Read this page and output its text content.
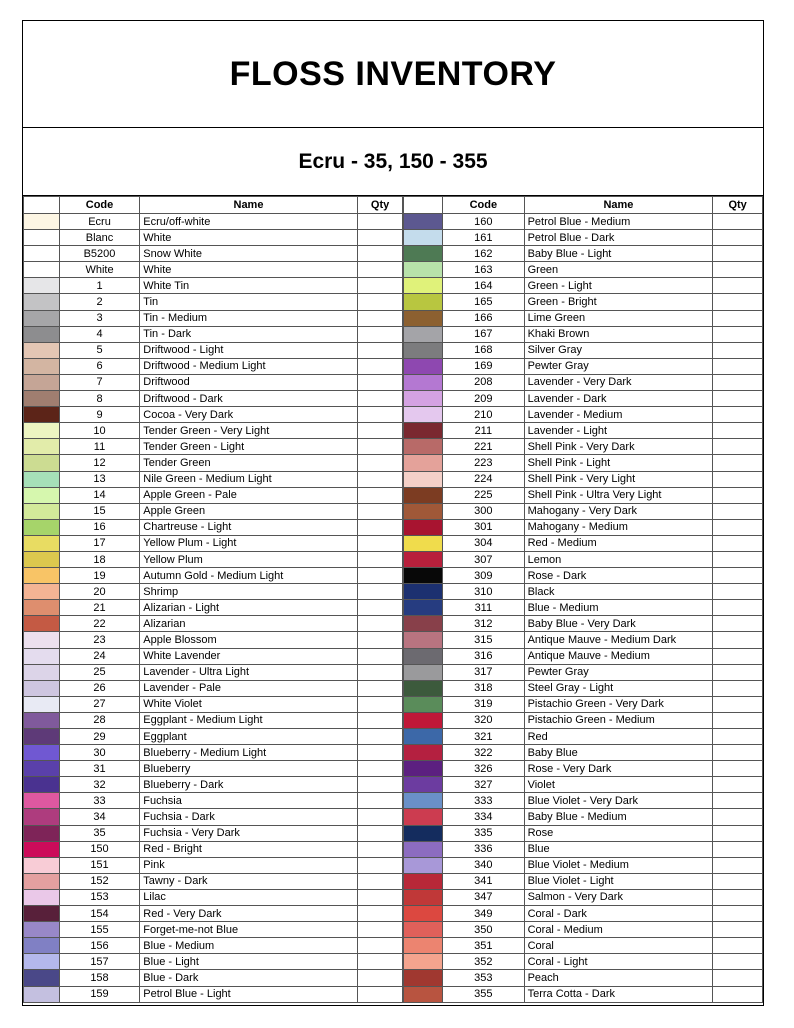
FLOSS INVENTORY
Ecru - 35, 150 - 355
	Code	Name	Qty
	Ecru	Ecru/off-white	
	Blanc	White	
	B5200	Snow White	
	White	White	
	1	White Tin	
	2	Tin	
	3	Tin - Medium	
	4	Tin - Dark	
	5	Driftwood - Light	
	6	Driftwood - Medium Light	
	7	Driftwood	
	8	Driftwood - Dark	
	9	Cocoa - Very Dark	
	10	Tender Green - Very Light	
	11	Tender Green - Light	
	12	Tender Green	
	13	Nile Green - Medium Light	
	14	Apple Green - Pale	
	15	Apple Green	
	16	Chartreuse - Light	
	17	Yellow Plum - Light	
	18	Yellow Plum	
	19	Autumn Gold - Medium Light	
	20	Shrimp	
	21	Alizarian - Light	
	22	Alizarian	
	23	Apple Blossom	
	24	White Lavender	
	25	Lavender - Ultra Light	
	26	Lavender - Pale	
	27	White Violet	
	28	Eggplant - Medium Light	
	29	Eggplant	
	30	Blueberry - Medium Light	
	31	Blueberry	
	32	Blueberry - Dark	
	33	Fuchsia	
	34	Fuchsia - Dark	
	35	Fuchsia - Very Dark	
	150	Red - Bright	
	151	Pink	
	152	Tawny - Dark	
	153	Lilac	
	154	Red - Very Dark	
	155	Forget-me-not Blue	
	156	Blue - Medium	
	157	Blue - Light	
	158	Blue - Dark	
	159	Petrol Blue - Light	
	Code	Name	Qty
	160	Petrol Blue - Medium	
	161	Petrol Blue - Dark	
	162	Baby Blue - Light	
	163	Green	
	164	Green - Light	
	165	Green - Bright	
	166	Lime Green	
	167	Khaki Brown	
	168	Silver Gray	
	169	Pewter Gray	
	208	Lavender - Very Dark	
	209	Lavender - Dark	
	210	Lavender - Medium	
	211	Lavender - Light	
	221	Shell Pink - Very Dark	
	223	Shell Pink - Light	
	224	Shell Pink - Very Light	
	225	Shell Pink - Ultra Very Light	
	300	Mahogany - Very Dark	
	301	Mahogany - Medium	
	304	Red - Medium	
	307	Lemon	
	309	Rose - Dark	
	310	Black	
	311	Blue - Medium	
	312	Baby Blue - Very Dark	
	315	Antique Mauve - Medium Dark	
	316	Antique Mauve - Medium	
	317	Pewter Gray	
	318	Steel Gray - Light	
	319	Pistachio Green - Very Dark	
	320	Pistachio Green - Medium	
	321	Red	
	322	Baby Blue	
	326	Rose - Very Dark	
	327	Violet	
	333	Blue Violet - Very Dark	
	334	Baby Blue - Medium	
	335	Rose	
	336	Blue	
	340	Blue Violet - Medium	
	341	Blue Violet - Light	
	347	Salmon - Very Dark	
	349	Coral - Dark	
	350	Coral - Medium	
	351	Coral	
	352	Coral - Light	
	353	Peach	
	355	Terra Cotta - Dark	
